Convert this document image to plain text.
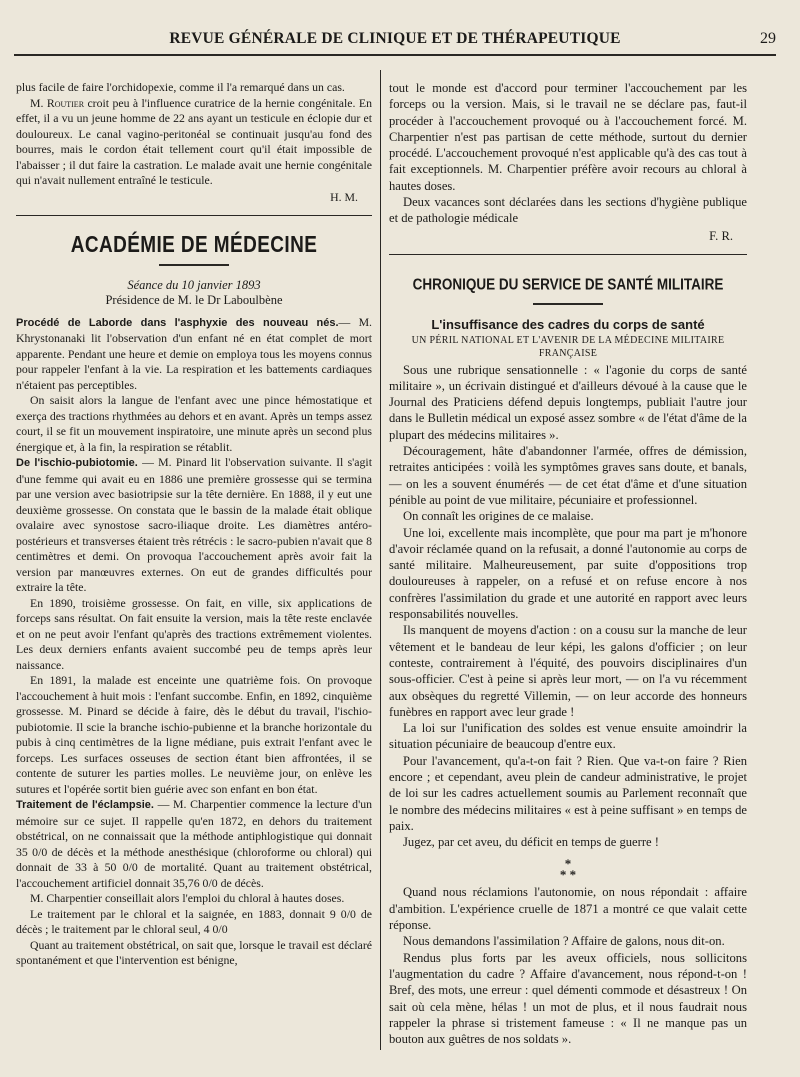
REVUE GÉNÉRALE DE CLINIQUE ET DE THÉRAPEUTIQUE	29

plus facile de faire l'orchidopexie, comme il l'a remarqué dans un cas.

M. Routier croit peu à l'influence curatrice de la hernie congénitale. En effet, il a vu un jeune homme de 22 ans ayant un testicule en éclopie dur et douloureux. Le canal vagino-peritonéal se continuait jusqu'au fond des bourres, mais le cordon était tellement court qu'il était impossible de l'abaisser ; il dut faire la castration. Le malade avait une hernie congénitale qui n'avait nullement entraîné le testicule.

H. M.
ACADÉMIE DE MÉDECINE
Séance du 10 janvier 1893
Présidence de M. le Dr Laboulbène

Procédé de Laborde dans l'asphyxie des nouveau nés.— M. Khrystonanaki lit l'observation d'un enfant né en état complet de mort apparente. Pendant une heure et demie on employa tous les moyens connus pour rappeler l'enfant à la vie. La respiration et les battements cardiaques n'étaient pas perceptibles.

On saisit alors la langue de l'enfant avec une pince hémostatique et exerça des tractions rhythmées au dehors et en avant. Après un temps assez court, il se fit un mouvement inspiratoire, une minute après un second plus énergique et, à la fin, la respiration se rétablit.

De l'ischio-pubiotomie. — M. Pinard lit l'observation suivante. Il s'agit d'une femme qui avait eu en 1886 une première grossesse qui se termina par une version avec basiotripsie sur la tête dernière. En 1888, il y eut une deuxième grossesse. On constata que le bassin de la malade était oblique ovalaire avec synostose sacro-iliaque droite. Les diamètres antéro-postérieurs et transverses étaient très rétrécis : le sacro-pubien n'avait que 8 centimètres et demi. On provoqua l'accouchement après avoir fait la version par manœuvres externes. On eut de grandes difficultés pour extraire la tête.

En 1890, troisième grossesse. On fait, en ville, six applications de forceps sans résultat. On fait ensuite la version, mais la tête reste enclavée et on ne peut avoir l'enfant qu'après des tractions extrêmement violentes. Les deux derniers enfants avaient succombé peu de temps après leur naissance.

En 1891, la malade est enceinte une quatrième fois. On provoque l'accouchement à huit mois : l'enfant succombe. Enfin, en 1892, cinquième grossesse. M. Pinard se décide à faire, dès le début du travail, l'ischio-pubiotomie. Il scie la branche ischio-pubienne et la branche horizontale du pubis à cinq centimètres de la ligne médiane, puis extrait l'enfant avec le forceps. Les surfaces osseuses de section étant bien affrontées, il se contente de suturer les parties molles. Le neuvième jour, on enlève les sutures et l'opérée sortit bien guérie avec son enfant en bon état.

Traitement de l'éclampsie. — M. Charpentier commence la lecture d'un mémoire sur ce sujet. Il rappelle qu'en 1872, en dehors du traitement obstétrical, on ne connaissait que la méthode antiphlogistique qui donnait 35 0/0 de décès et la méthode anesthésique (chloroforme ou chloral) qui donnait de 33 à 50 0/0 de mortalité. Quant au traitement obstétrical, l'accouchement artificiel donnait 35,76 0/0 de décès.

M. Charpentier conseillait alors l'emploi du chloral à hautes doses.

Le traitement par le chloral et la saignée, en 1883, donnait 9 0/0 de décès ; le traitement par le chloral seul, 4 0/0

Quant au traitement obstétrical, on sait que, lorsque le travail est déclaré spontanément et que l'intervention est bénigne,

tout le monde est d'accord pour terminer l'accouchement par les forceps ou la version. Mais, si le travail ne se déclare pas, faut-il procéder à l'accouchement provoqué ou à l'accouchement forcé. M. Charpentier n'est pas partisan de cette méthode, surtout du dernier procédé. L'accouchement provoqué n'est applicable qu'à des cas tout à fait exceptionnels. M. Charpentier préfère avoir recours au chloral à hautes doses.

Deux vacances sont déclarées dans les sections d'hygiène publique et de pathologie médicale

F. R.
CHRONIQUE DU SERVICE DE SANTÉ MILITAIRE
L'insuffisance des cadres du corps de santé
UN PÉRIL NATIONAL ET L'AVENIR DE LA MÉDECINE MILITAIRE FRANÇAISE

Sous une rubrique sensationnelle : « l'agonie du corps de santé militaire », un écrivain distingué et d'ailleurs dévoué à la cause que le Journal des Praticiens défend depuis longtemps, publiait l'autre jour dans le Bulletin médical un exposé assez sombre « de l'état d'âme de la plupart des médecins militaires ».

Découragement, hâte d'abandonner l'armée, offres de démission, retraites anticipées : voilà les symptômes graves sans doute, et banals, — on les a souvent énumérés — de cet état d'âme et d'une situation pénible au point de vue militaire, pécuniaire et professionnel.

On connaît les origines de ce malaise.

Une loi, excellente mais incomplète, que pour ma part je m'honore d'avoir réclamée quand on la refusait, a donné l'autonomie au corps de santé militaire. Malheureusement, par suite d'oppositions trop douloureuses à rappeler, on a refusé et on refuse encore à nos confrères l'assimilation du grade et une autorité en rapport avec leurs responsabilités nouvelles.

Ils manquent de moyens d'action : on a cousu sur la manche de leur vêtement et le bandeau de leur képi, les galons d'officier ; on leur conteste, contrairement à l'équité, des pouvoirs disciplinaires d'un sous-officier. C'est à peine si après leur mort, — on l'a vu récemment aux obsèques du regretté Villemin, — on leur accorde des honneurs funèbres en rapport avec leur grade !

La loi sur l'unification des soldes est venue ensuite amoindrir la situation pécuniaire de beaucoup d'entre eux.

Pour l'avancement, qu'a-t-on fait ? Rien. Que va-t-on faire ? Rien encore ; et cependant, aveu plein de candeur administrative, le projet de loi sur les cadres actuellement soumis au Parlement reconnaît que le nombre des médecins militaires « est à peine suffisant » en temps de paix.

Jugez, par cet aveu, du déficit en temps de guerre !

*
* *

Quand nous réclamions l'autonomie, on nous répondait : affaire d'ambition. L'expérience cruelle de 1871 a montré ce que valait cette réponse.

Nous demandons l'assimilation ? Affaire de galons, nous dit-on.

Rendus plus forts par les aveux officiels, nous sollicitons l'augmentation du cadre ? Affaire d'avancement, nous répond-t-on ! Bref, des mots, une erreur : quel démenti commode et désastreux ! On sait où cela mène, hélas ! un mot de plus, et il nous faudrait nous rappeler la phrase si tristement fameuse : « Il ne manque pas un bouton aux guêtres de nos soldats ».
